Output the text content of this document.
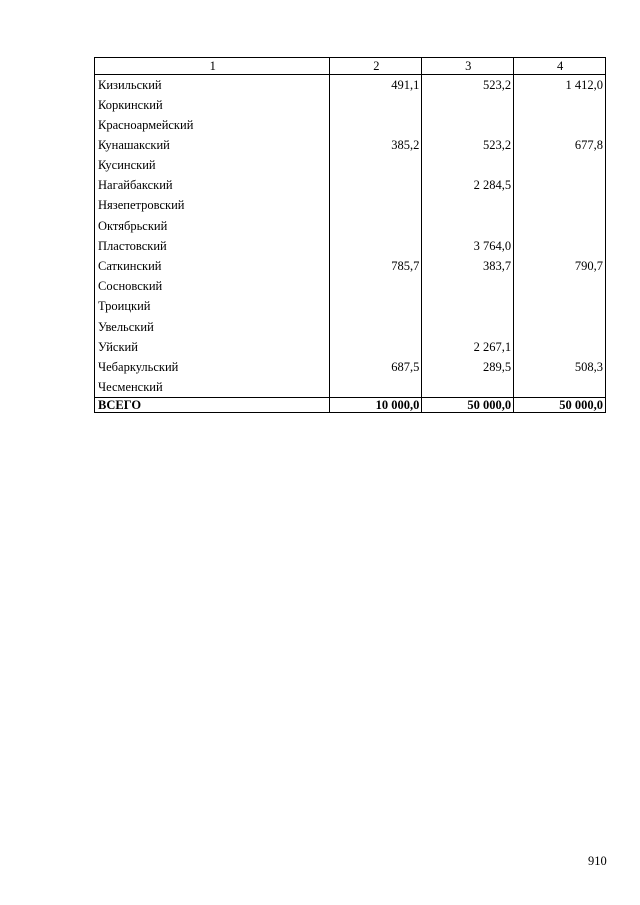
1	2	3	4
Кизильский	491,1	523,2	1 412,0
Коркинский			
Красноармейский			
Кунашакский	385,2	523,2	677,8
Кусинский			
Нагайбакский		2 284,5	
Нязепетровский			
Октябрьский			
Пластовский		3 764,0	
Саткинский	785,7	383,7	790,7
Сосновский			
Троицкий			
Увельский			
Уйский		2 267,1	
Чебаркульский	687,5	289,5	508,3
Чесменский			
ВСЕГО	10 000,0	50 000,0	50 000,0
910
